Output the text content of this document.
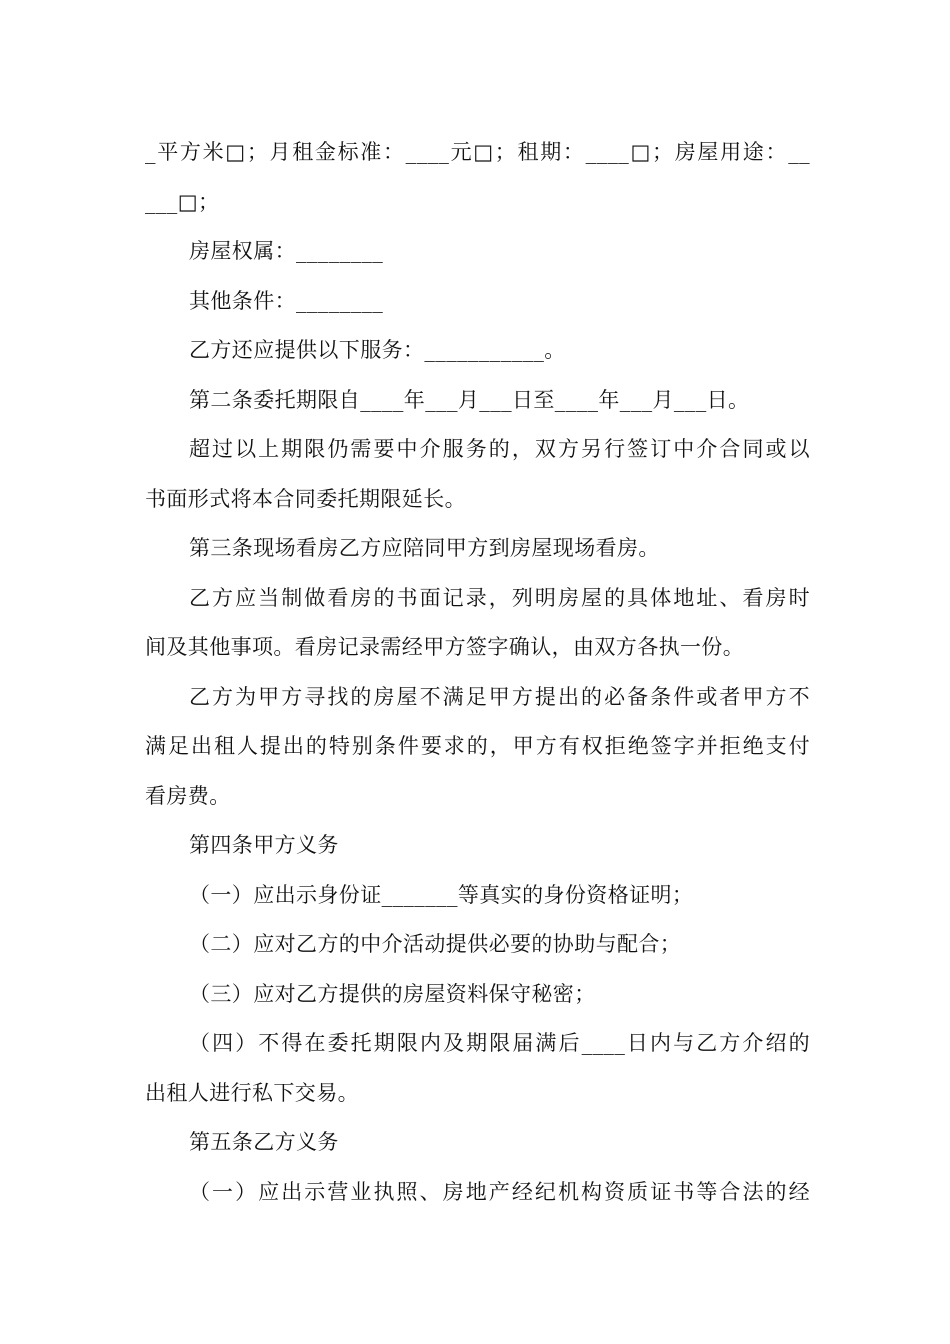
_平方米□；月租金标准：____元□；租期：____□；房屋用途：__
___□；
房屋权属：________
其他条件：________
乙方还应提供以下服务：___________。
第二条委托期限自____年___月___日至____年___月___日。
超过以上期限仍需要中介服务的，双方另行签订中介合同或以
书面形式将本合同委托期限延长。
第三条现场看房乙方应陪同甲方到房屋现场看房。
乙方应当制做看房的书面记录，列明房屋的具体地址、看房时
间及其他事项。看房记录需经甲方签字确认，由双方各执一份。
乙方为甲方寻找的房屋不满足甲方提出的必备条件或者甲方不
满足出租人提出的特别条件要求的，甲方有权拒绝签字并拒绝支付
看房费。
第四条甲方义务
（一）应出示身份证_______等真实的身份资格证明；
（二）应对乙方的中介活动提供必要的协助与配合；
（三）应对乙方提供的房屋资料保守秘密；
（四）不得在委托期限内及期限届满后____日内与乙方介绍的
出租人进行私下交易。
第五条乙方义务
（一）应出示营业执照、房地产经纪机构资质证书等合法的经
